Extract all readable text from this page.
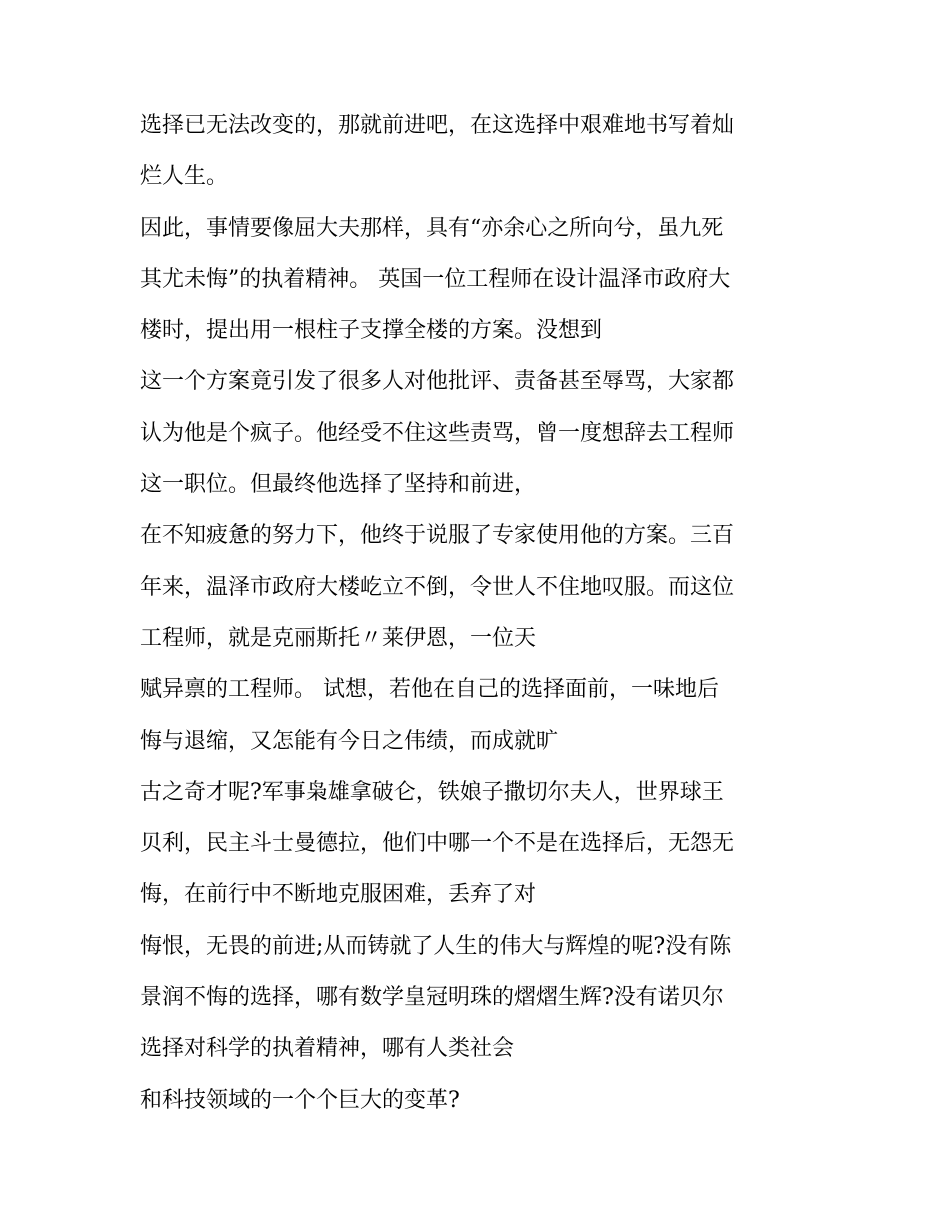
选择已无法改变的，那就前进吧，在这选择中艰难地书写着灿
烂人生。
因此，事情要像屈大夫那样，具有“亦余心之所向兮，虽九死
其尤未悔”的执着精神。 英国一位工程师在设计温泽市政府大
楼时，提出用一根柱子支撑全楼的方案。没想到
这一个方案竟引发了很多人对他批评、责备甚至辱骂，大家都
认为他是个疯子。他经受不住这些责骂，曾一度想辞去工程师
这一职位。但最终他选择了坚持和前进，
在不知疲惫的努力下，他终于说服了专家使用他的方案。三百
年来，温泽市政府大楼屹立不倒，令世人不住地叹服。而这位
工程师，就是克丽斯托〃莱伊恩，一位天
赋异禀的工程师。 试想，若他在自己的选择面前，一味地后
悔与退缩，又怎能有今日之伟绩，而成就旷
古之奇才呢?军事枭雄拿破仑，铁娘子撒切尔夫人，世界球王
贝利，民主斗士曼德拉，他们中哪一个不是在选择后，无怨无
悔，在前行中不断地克服困难，丢弃了对
悔恨，无畏的前进;从而铸就了人生的伟大与辉煌的呢?没有陈
景润不悔的选择，哪有数学皇冠明珠的熠熠生辉?没有诺贝尔
选择对科学的执着精神，哪有人类社会
和科技领域的一个个巨大的变革?
